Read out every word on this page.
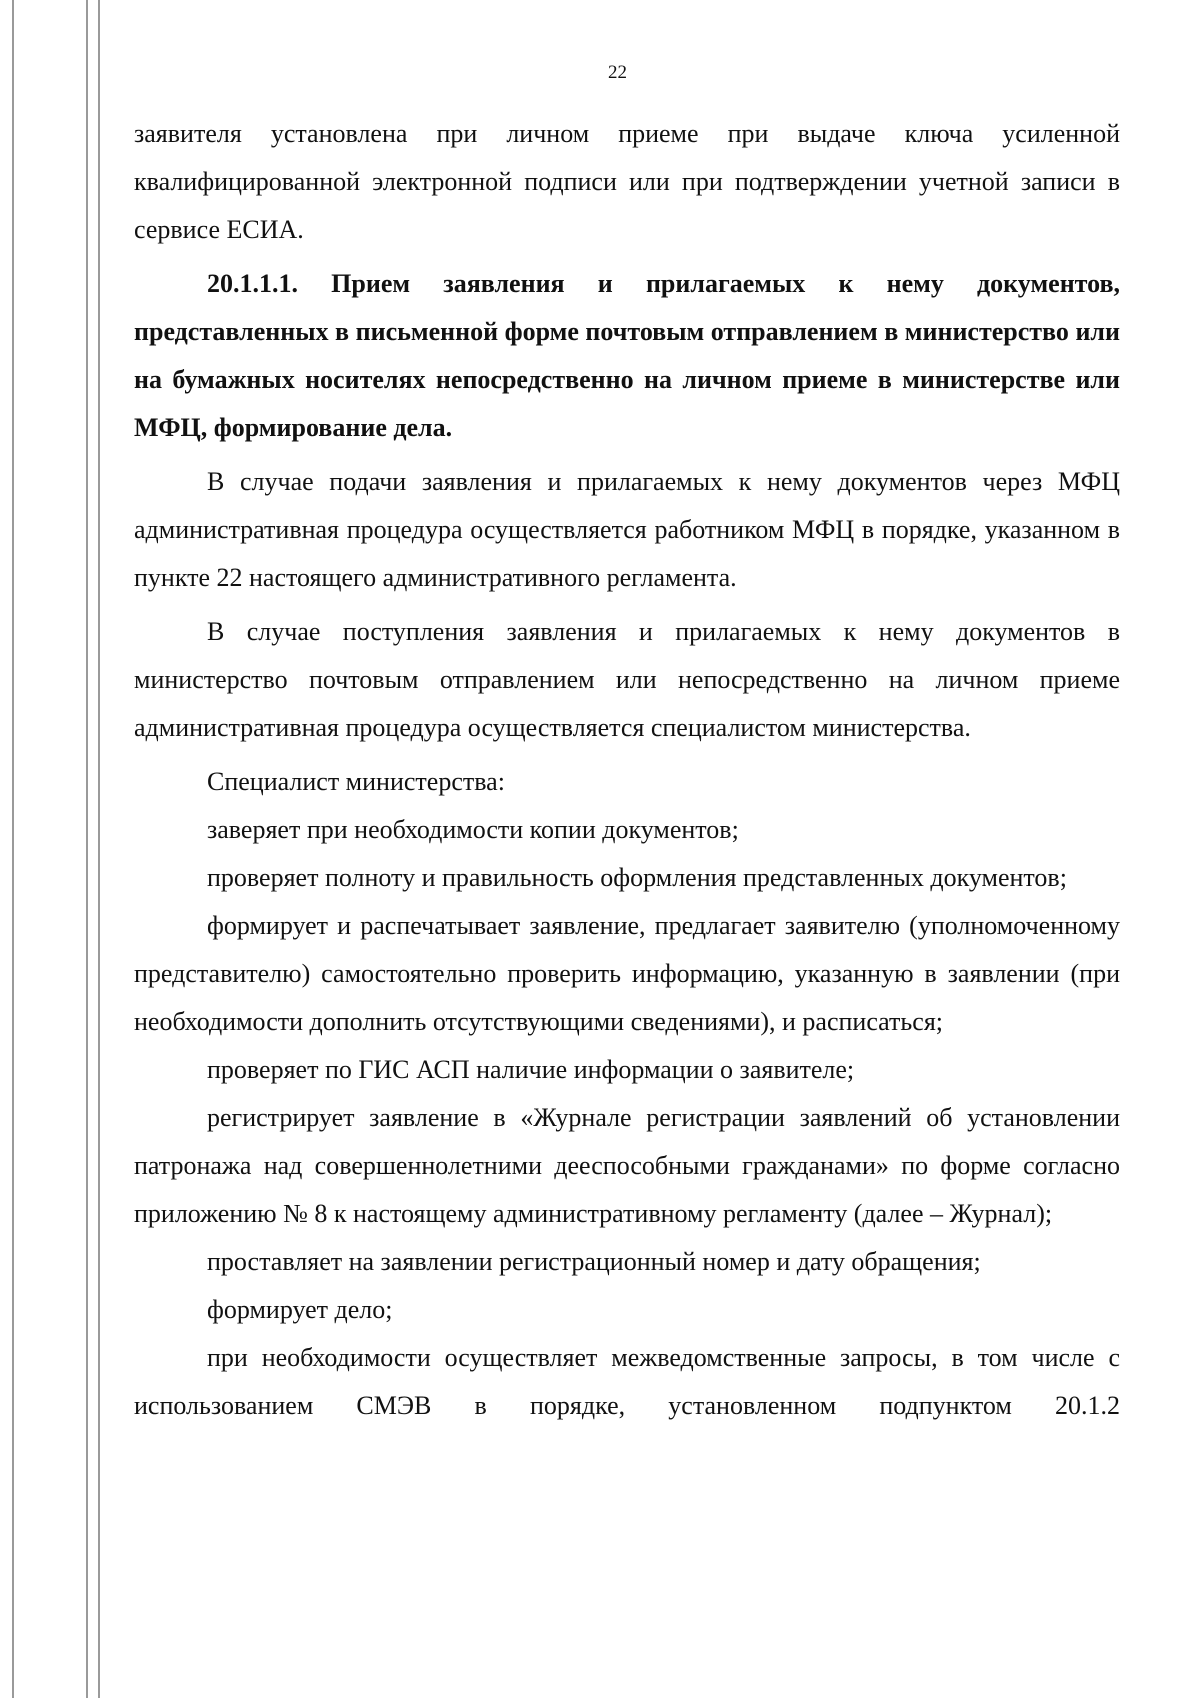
22

заявителя установлена при личном приеме при выдаче ключа усиленной квалифицированной электронной подписи или при подтверждении учетной записи в сервисе ЕСИА.

20.1.1.1. Прием заявления и прилагаемых к нему документов, представленных в письменной форме почтовым отправлением в министерство или на бумажных носителях непосредственно на личном приеме в министерстве или МФЦ, формирование дела.

В случае подачи заявления и прилагаемых к нему документов через МФЦ административная процедура осуществляется работником МФЦ в порядке, указанном в пункте 22 настоящего административного регламента.

В случае поступления заявления и прилагаемых к нему документов в министерство почтовым отправлением или непосредственно на личном приеме административная процедура осуществляется специалистом министерства.

Специалист министерства:

заверяет при необходимости копии документов;

проверяет полноту и правильность оформления представленных документов;

формирует и распечатывает заявление, предлагает заявителю (уполномоченному представителю) самостоятельно проверить информацию, указанную в заявлении (при необходимости дополнить отсутствующими сведениями), и расписаться;

проверяет по ГИС АСП наличие информации о заявителе;

регистрирует заявление в «Журнале регистрации заявлений об установлении патронажа над совершеннолетними дееспособными гражданами» по форме согласно приложению № 8 к настоящему административному регламенту (далее – Журнал);

проставляет на заявлении регистрационный номер и дату обращения;

формирует дело;

при необходимости осуществляет межведомственные запросы, в том числе с использованием СМЭВ в порядке, установленном подпунктом 20.1.2
